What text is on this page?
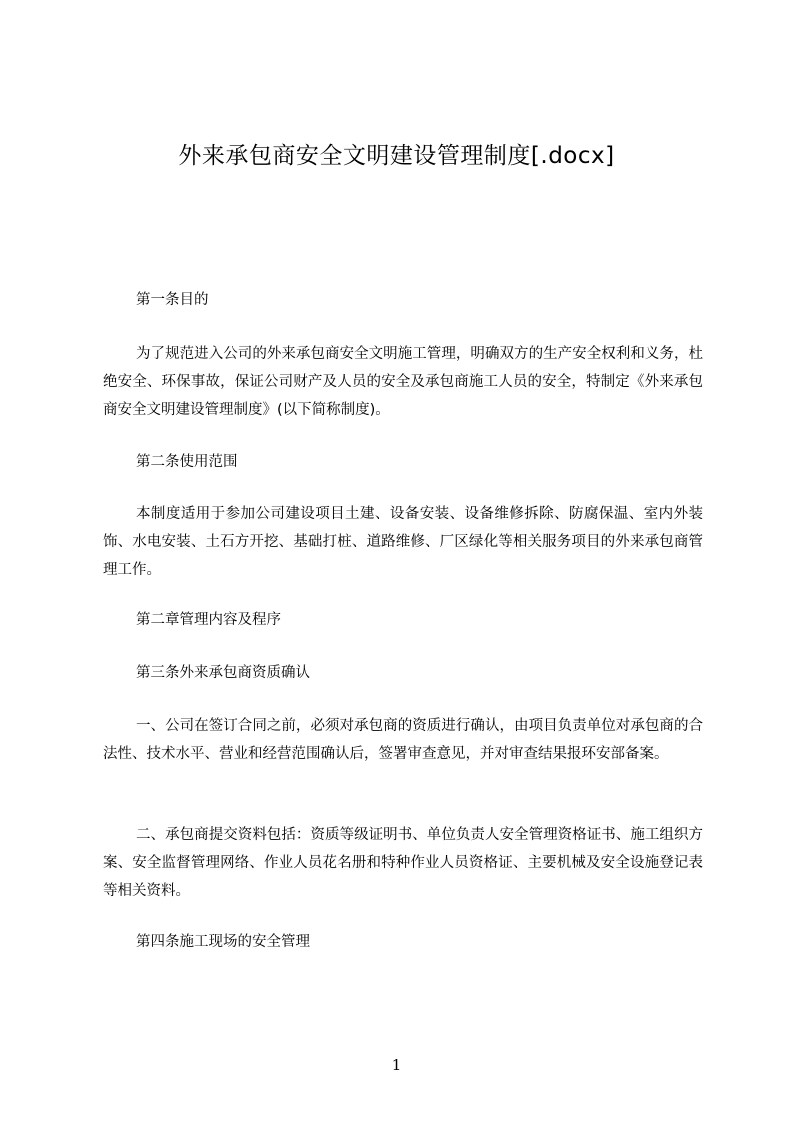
外来承包商安全文明建设管理制度[.docx]

第一条目的

为了规范进入公司的外来承包商安全文明施工管理，明确双方的生产安全权利和义务，杜绝安全、环保事故，保证公司财产及人员的安全及承包商施工人员的安全，特制定《外来承包商安全文明建设管理制度》(以下简称制度)。

第二条使用范围

本制度适用于参加公司建设项目土建、设备安装、设备维修拆除、防腐保温、室内外装饰、水电安装、土石方开挖、基础打桩、道路维修、厂区绿化等相关服务项目的外来承包商管理工作。

第二章管理内容及程序

第三条外来承包商资质确认

一、公司在签订合同之前，必须对承包商的资质进行确认，由项目负责单位对承包商的合法性、技术水平、营业和经营范围确认后，签署审查意见，并对审查结果报环安部备案。

二、承包商提交资料包括：资质等级证明书、单位负责人安全管理资格证书、施工组织方案、安全监督管理网络、作业人员花名册和特种作业人员资格证、主要机械及安全设施登记表等相关资料。

第四条施工现场的安全管理

1
